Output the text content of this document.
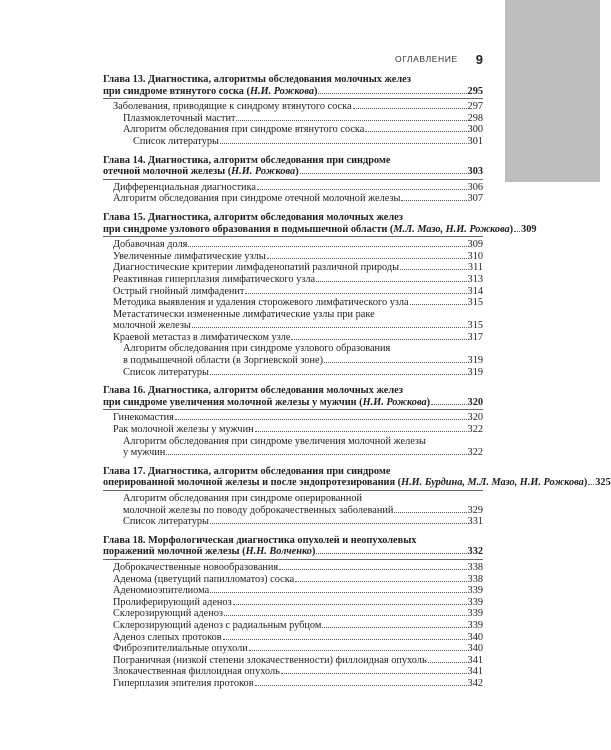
ОГЛАВЛЕНИЕ 9
Глава 13. Диагностика, алгоритмы обследования молочных желез
при синдроме втянутого соска (Н.И. Рожкова)	295
Заболевания, приводящие к синдрому втянутого соска	297
Плазмоклеточный мастит	298
Алгоритм обследования при синдроме втянутого соска	300
Список литературы	301
Глава 14. Диагностика, алгоритм обследования при синдроме
отечной молочной железы (Н.И. Рожкова)	303
Дифференциальная диагностика	306
Алгоритм обследования при синдроме отечной молочной железы	307
Глава 15. Диагностика, алгоритм обследования молочных желез
при синдроме узлового образования в подмышечной области (М.Л. Мазо, Н.И. Рожкова) 309
Добавочная доля	309
Увеличенные лимфатические узлы	310
Диагностические критерии лимфаденопатий различной природы	311
Реактивная гиперплазия лимфатического узла	313
Острый гнойный лимфаденит	314
Методика выявления и удаления сторожевого лимфатического узла	315
Метастатически измененные лимфатические узлы при раке
молочной железы	315
Краевой метастаз в лимфатическом узле	317
Алгоритм обследования при синдроме узлового образования
в подмышечной области (в Зоргиевской зоне)	319
Список литературы	319
Глава 16. Диагностика, алгоритм обследования молочных желез
при синдроме увеличения молочной железы у мужчин (Н.И. Рожкова)	320
Гинекомастия	320
Рак молочной железы у мужчин	322
Алгоритм обследования при синдроме увеличения молочной железы
у мужчин	322
Глава 17. Диагностика, алгоритм обследования при синдроме
оперированной молочной железы и после эндопротезирования (Н.И. Бурдина, М.Л. Мазо, Н.И. Рожкова) 325
Алгоритм обследования при синдроме оперированной
молочной железы по поводу доброкачественных заболеваний	329
Список литературы	331
Глава 18. Морфологическая диагностика опухолей и неопухолевых
поражений молочной железы (Н.Н. Волченко)	332
Доброкачественные новообразования	338
Аденома (цветущий папилломатоз) соска	338
Аденомиоэпителиома	339
Пролиферирующий аденоз	339
Склерозирующий аденоз	339
Склерозирующий аденоз с радиальным рубцом	339
Аденоз слепых протоков	340
Фиброэпителиальные опухоли	340
Пограничная (низкой степени злокачественности) филлоидная опухоль	341
Злокачественная филлоидная опухоль	341
Гиперплазия эпителия протоков	342
